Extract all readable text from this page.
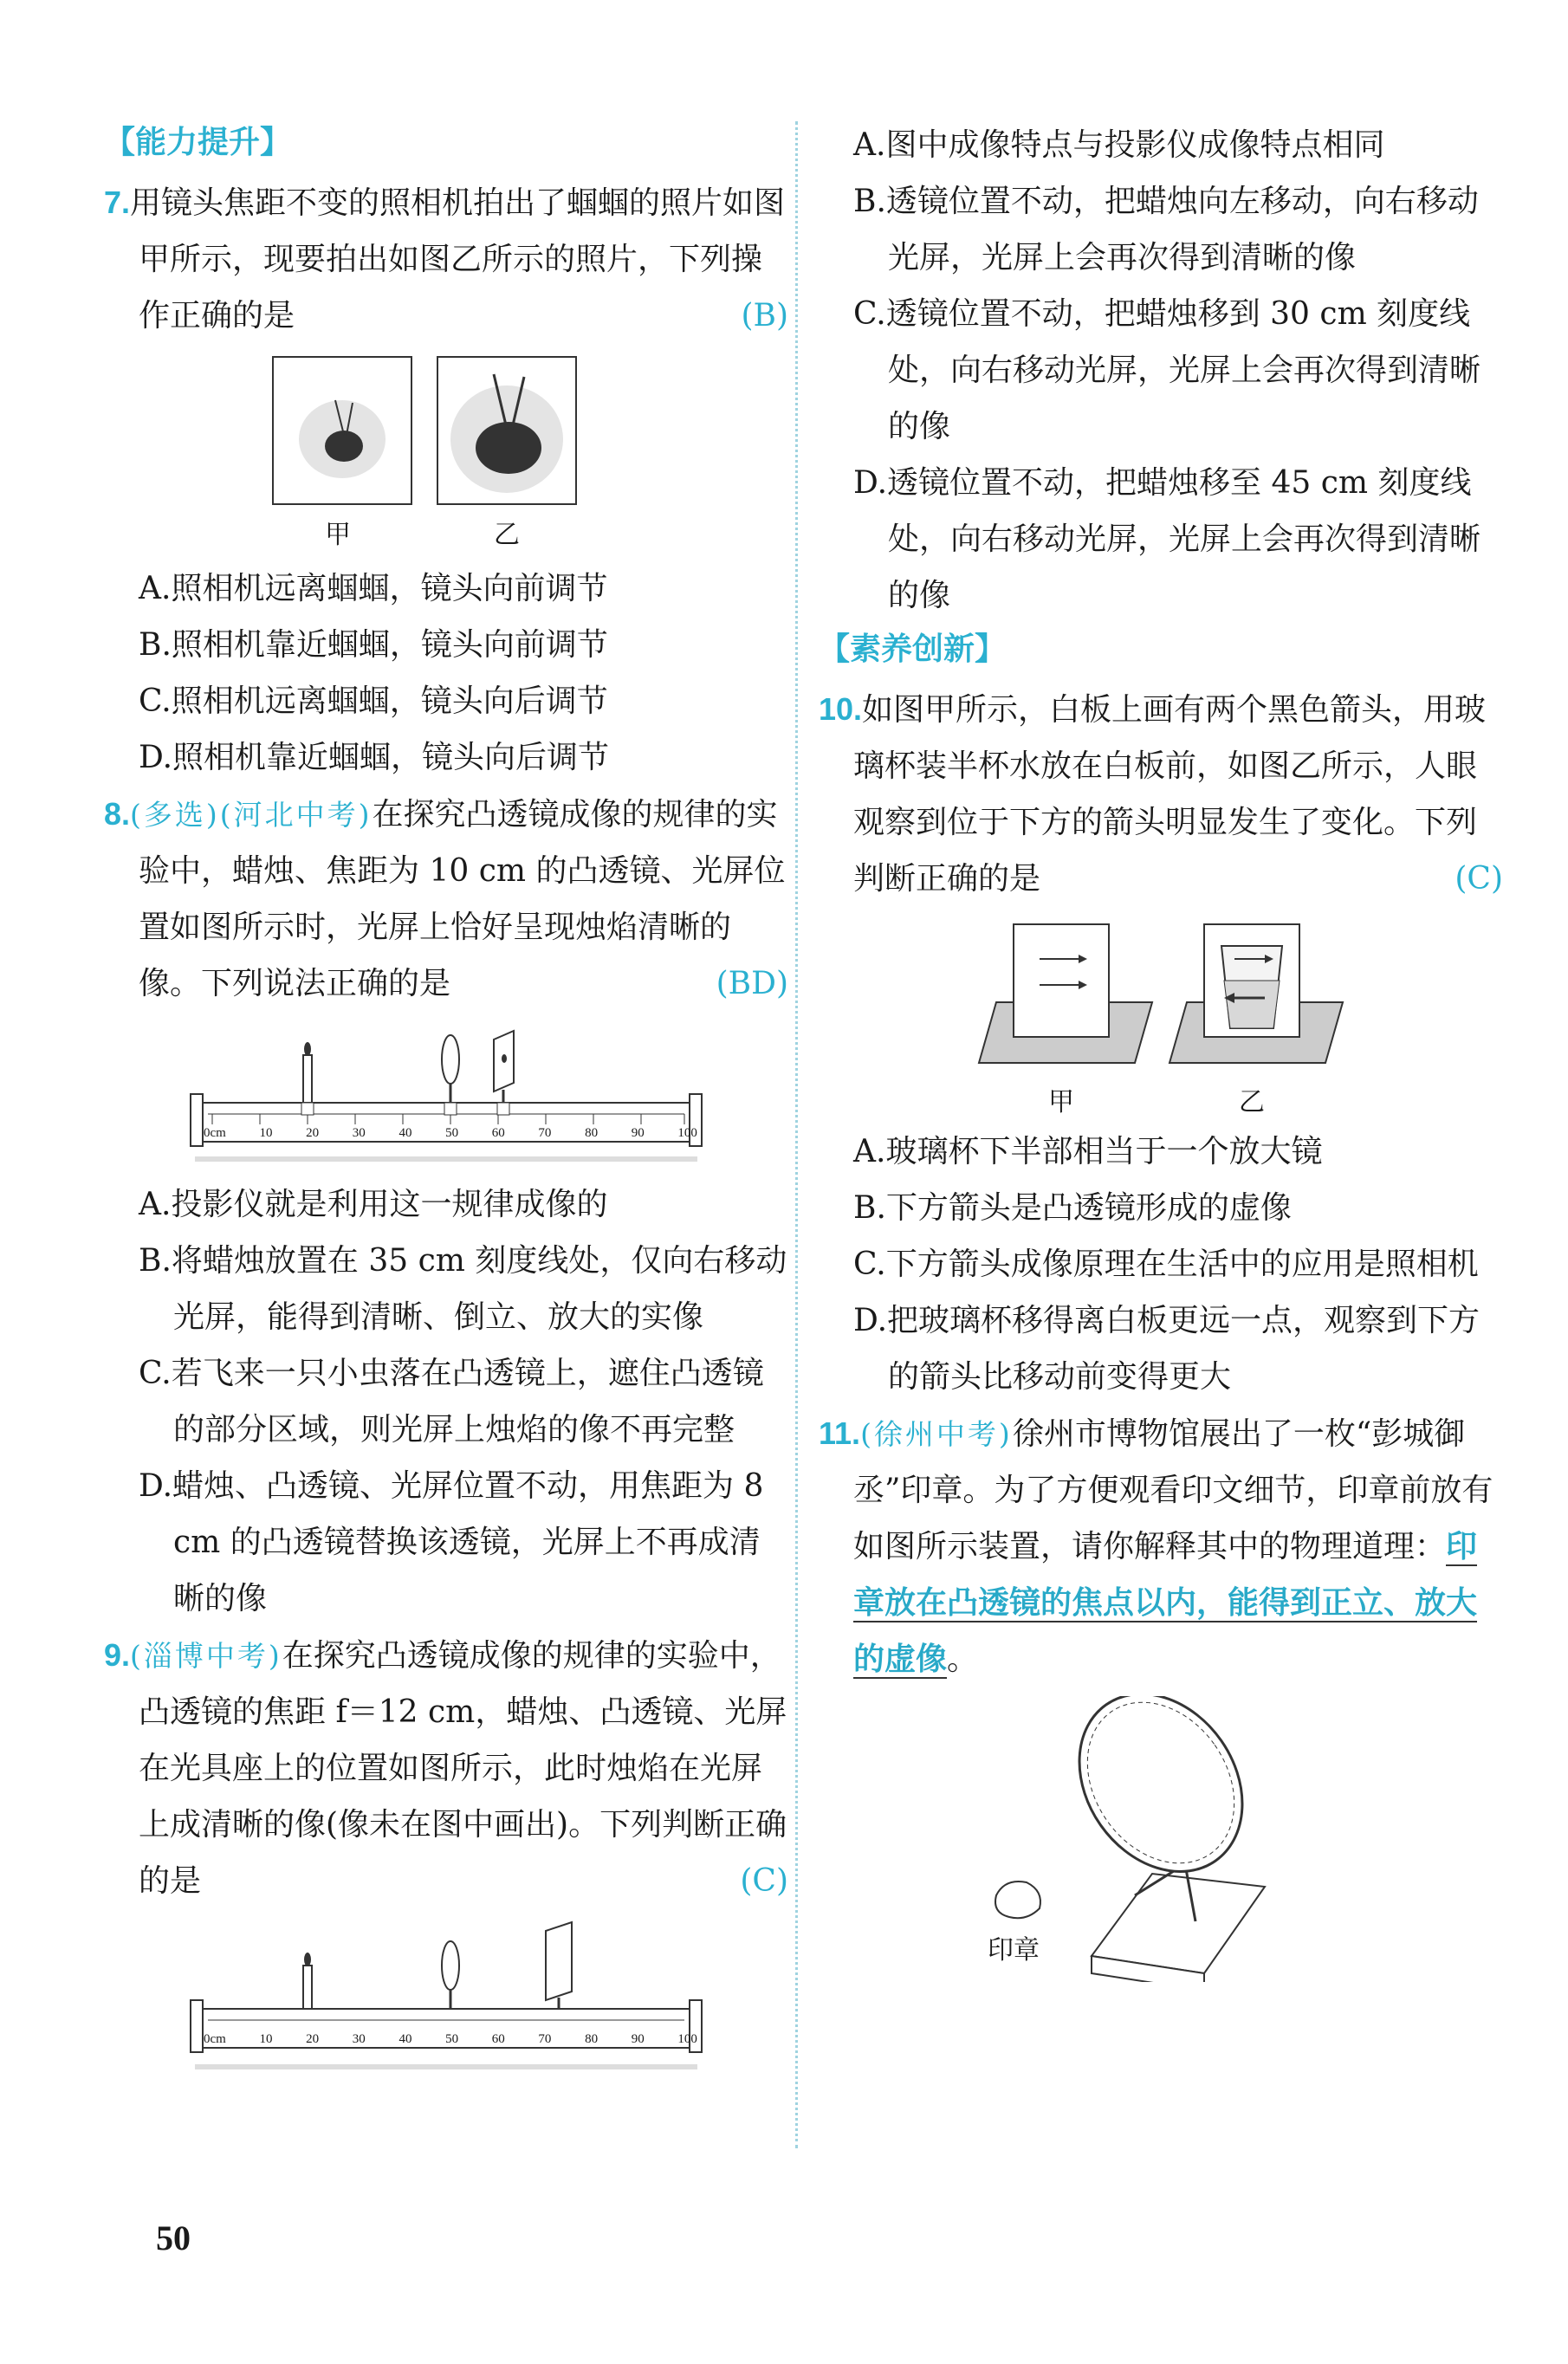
【能力提升】
7.用镜头焦距不变的照相机拍出了蝈蝈的照片如图甲所示，现要拍出如图乙所示的照片，下列操作正确的是	(B)
甲	乙
A.照相机远离蝈蝈，镜头向前调节
B.照相机靠近蝈蝈，镜头向前调节
C.照相机远离蝈蝈，镜头向后调节
D.照相机靠近蝈蝈，镜头向后调节
8.(多选)(河北中考)在探究凸透镜成像的规律的实验中，蜡烛、焦距为 10 cm 的凸透镜、光屏位置如图所示时，光屏上恰好呈现烛焰清晰的像。下列说法正确的是	(BD)
0cm	10	20	30	40	50	60	70	80	90	100
A.投影仪就是利用这一规律成像的
B.将蜡烛放置在 35 cm 刻度线处，仅向右移动光屏，能得到清晰、倒立、放大的实像
C.若飞来一只小虫落在凸透镜上，遮住凸透镜的部分区域，则光屏上烛焰的像不再完整
D.蜡烛、凸透镜、光屏位置不动，用焦距为 8 cm 的凸透镜替换该透镜，光屏上不再成清晰的像
9.(淄博中考)在探究凸透镜成像的规律的实验中，凸透镜的焦距 f＝12 cm，蜡烛、凸透镜、光屏在光具座上的位置如图所示，此时烛焰在光屏上成清晰的像(像未在图中画出)。下列判断正确的是	(C)
0cm	10	20	30	40	50	60	70	80	90	100
A.图中成像特点与投影仪成像特点相同
B.透镜位置不动，把蜡烛向左移动，向右移动光屏，光屏上会再次得到清晰的像
C.透镜位置不动，把蜡烛移到 30 cm 刻度线处，向右移动光屏，光屏上会再次得到清晰的像
D.透镜位置不动，把蜡烛移至 45 cm 刻度线处，向右移动光屏，光屏上会再次得到清晰的像
【素养创新】
10.如图甲所示，白板上画有两个黑色箭头，用玻璃杯装半杯水放在白板前，如图乙所示，人眼观察到位于下方的箭头明显发生了变化。下列判断正确的是	(C)
甲	乙
A.玻璃杯下半部相当于一个放大镜
B.下方箭头是凸透镜形成的虚像
C.下方箭头成像原理在生活中的应用是照相机
D.把玻璃杯移得离白板更远一点，观察到下方的箭头比移动前变得更大
11.(徐州中考)徐州市博物馆展出了一枚“彭城御丞”印章。为了方便观看印文细节，印章前放有如图所示装置，请你解释其中的物理道理：印章放在凸透镜的焦点以内，能得到正立、放大的虚像。
印章
50
